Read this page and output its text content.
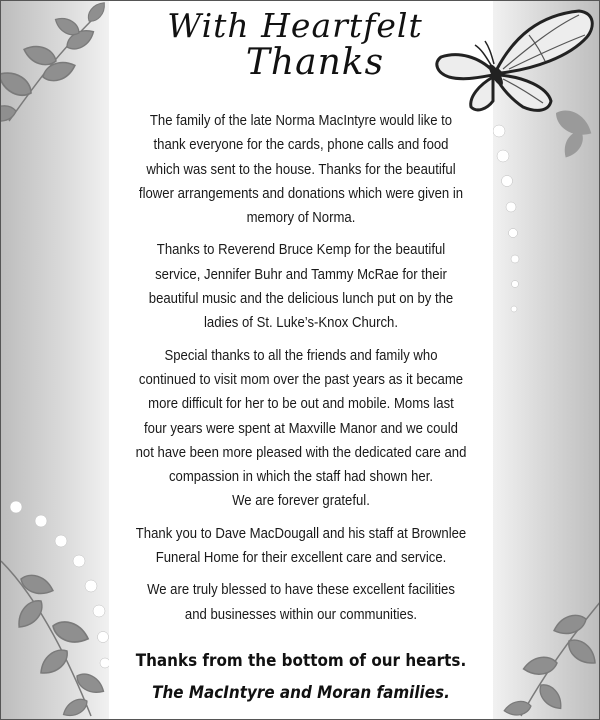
With Heartfelt
Thanks

The family of the late Norma MacIntyre would like to thank everyone for the cards, phone calls and food which was sent to the house. Thanks for the beautiful flower arrangements and donations which were given in memory of Norma.

Thanks to Reverend Bruce Kemp for the beautiful service, Jennifer Buhr and Tammy McRae for their beautiful music and the delicious lunch put on by the ladies of St. Luke’s-Knox Church.

Special thanks to all the friends and family who continued to visit mom over the past years as it became more difficult for her to be out and mobile. Moms last four years were spent at Maxville Manor and we could not have been more pleased with the dedicated care and compassion in which the staff had shown her.

We are forever grateful.

Thank you to Dave MacDougall and his staff at Brownlee Funeral Home for their excellent care and service.

We are truly blessed to have these excellent facilities and businesses within our communities.

Thanks from the bottom of our hearts.
The MacIntyre and Moran families.
